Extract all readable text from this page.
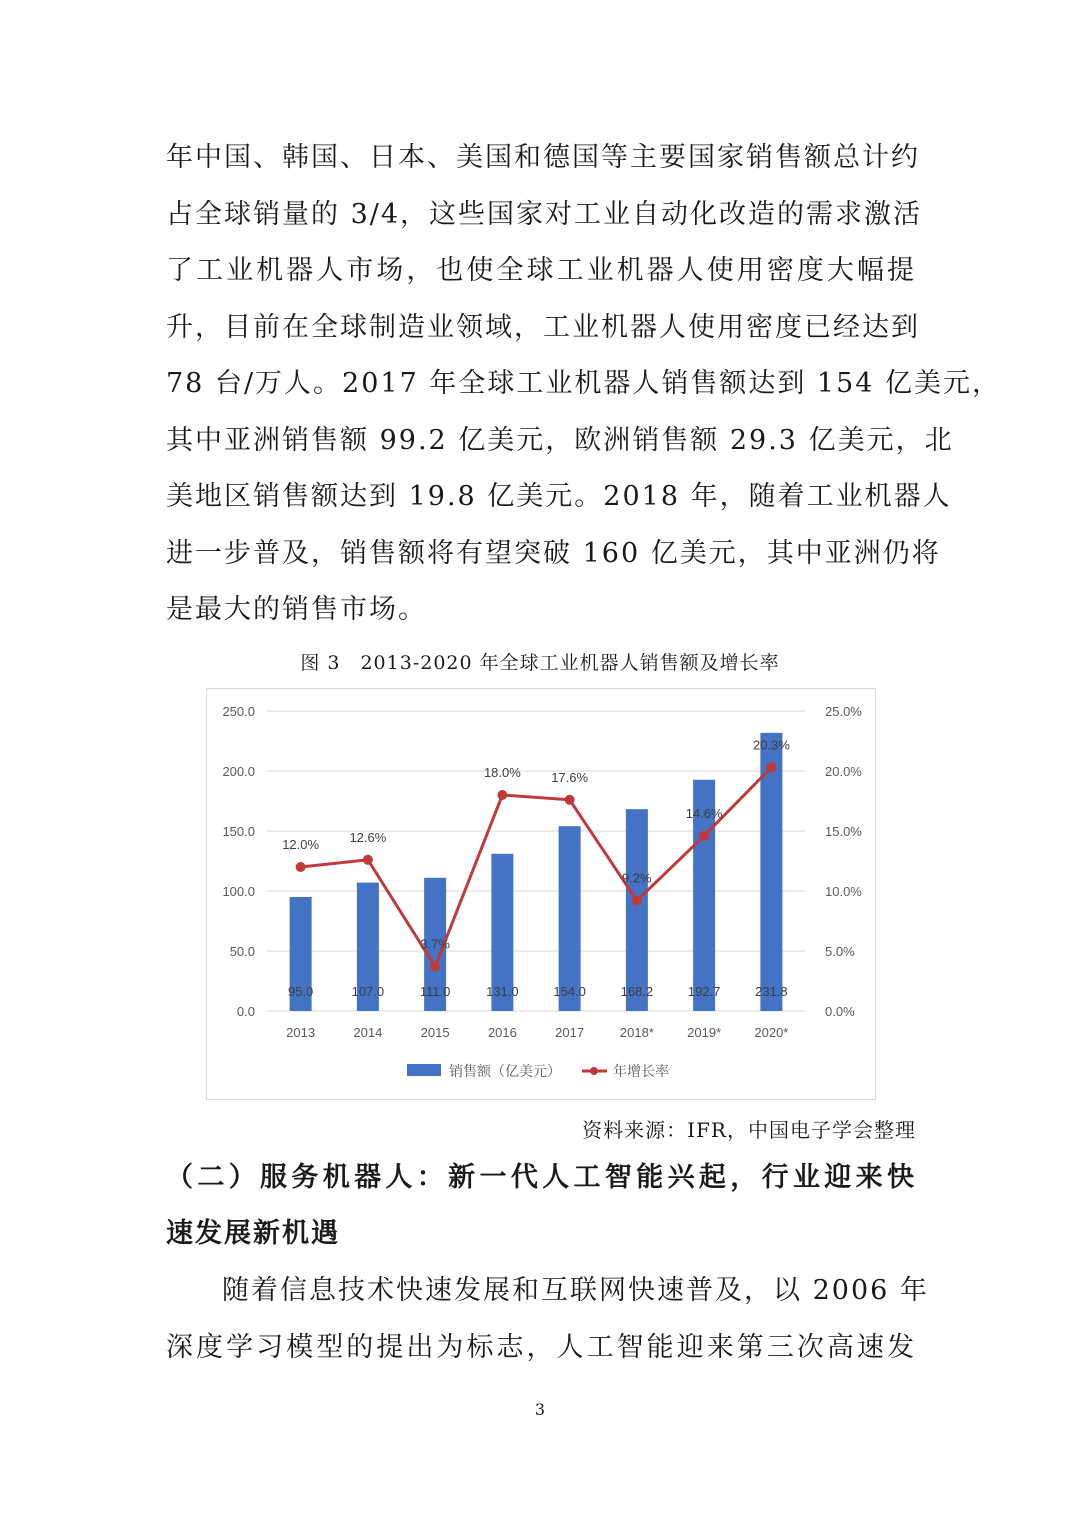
年中国、韩国、日本、美国和德国等主要国家销售额总计约
占全球销量的 3/4，这些国家对工业自动化改造的需求激活
了工业机器人市场，也使全球工业机器人使用密度大幅提
升，目前在全球制造业领域，工业机器人使用密度已经达到
78 台/万人。2017 年全球工业机器人销售额达到 154 亿美元，
其中亚洲销售额 99.2 亿美元，欧洲销售额 29.3 亿美元，北
美地区销售额达到 19.8 亿美元。2018 年，随着工业机器人
进一步普及，销售额将有望突破 160 亿美元，其中亚洲仍将
是最大的销售市场。
图 3　2013-2020 年全球工业机器人销售额及增长率
0.0
50.0
100.0
150.0
200.0
250.0
0.0%
5.0%
10.0%
15.0%
20.0%
25.0%
95.0
2013
107.0
2014
111.0
2015
131.0
2016
154.0
2017
168.2
2018*
192.7
2019*
231.8
2020*
12.0% 12.6%
3.7%
18.0% 17.6%
9.2%
14.6%
20.3%
销售额（亿美元）	年增长率
资料来源：IFR，中国电子学会整理
（二）服务机器人：新一代人工智能兴起，行业迎来快
速发展新机遇
随着信息技术快速发展和互联网快速普及，以 2006 年
深度学习模型的提出为标志，人工智能迎来第三次高速发
3
